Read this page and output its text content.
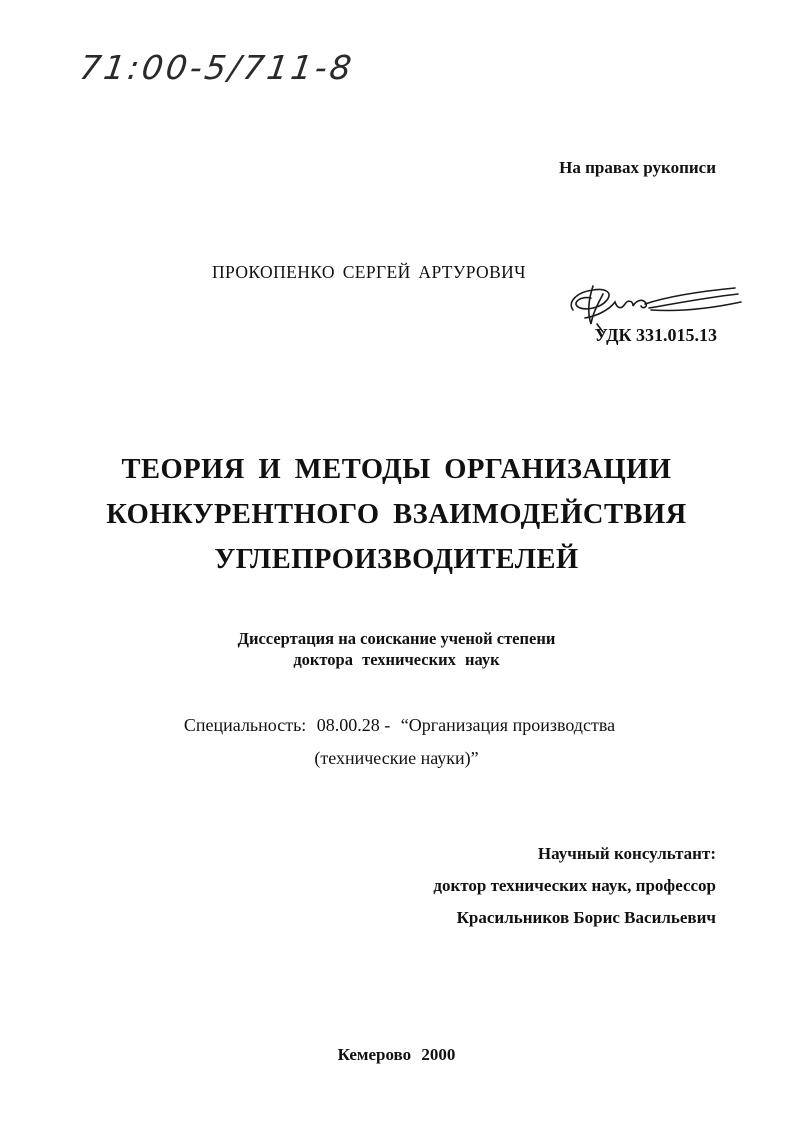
71:00-5/711-8
На правах рукописи
ПРОКОПЕНКО СЕРГЕЙ АРТУРОВИЧ
УДК 331.015.13
ТЕОРИЯ И МЕТОДЫ ОРГАНИЗАЦИИ
КОНКУРЕНТНОГО ВЗАИМОДЕЙСТВИЯ
УГЛЕПРОИЗВОДИТЕЛЕЙ
Диссертация на соискание ученой степени
доктора технических наук
Специальность: 08.00.28 - “Организация производства
(технические науки)”
Научный консультант:
доктор технических наук, профессор
Красильников Борис Васильевич
Кемерово 2000
